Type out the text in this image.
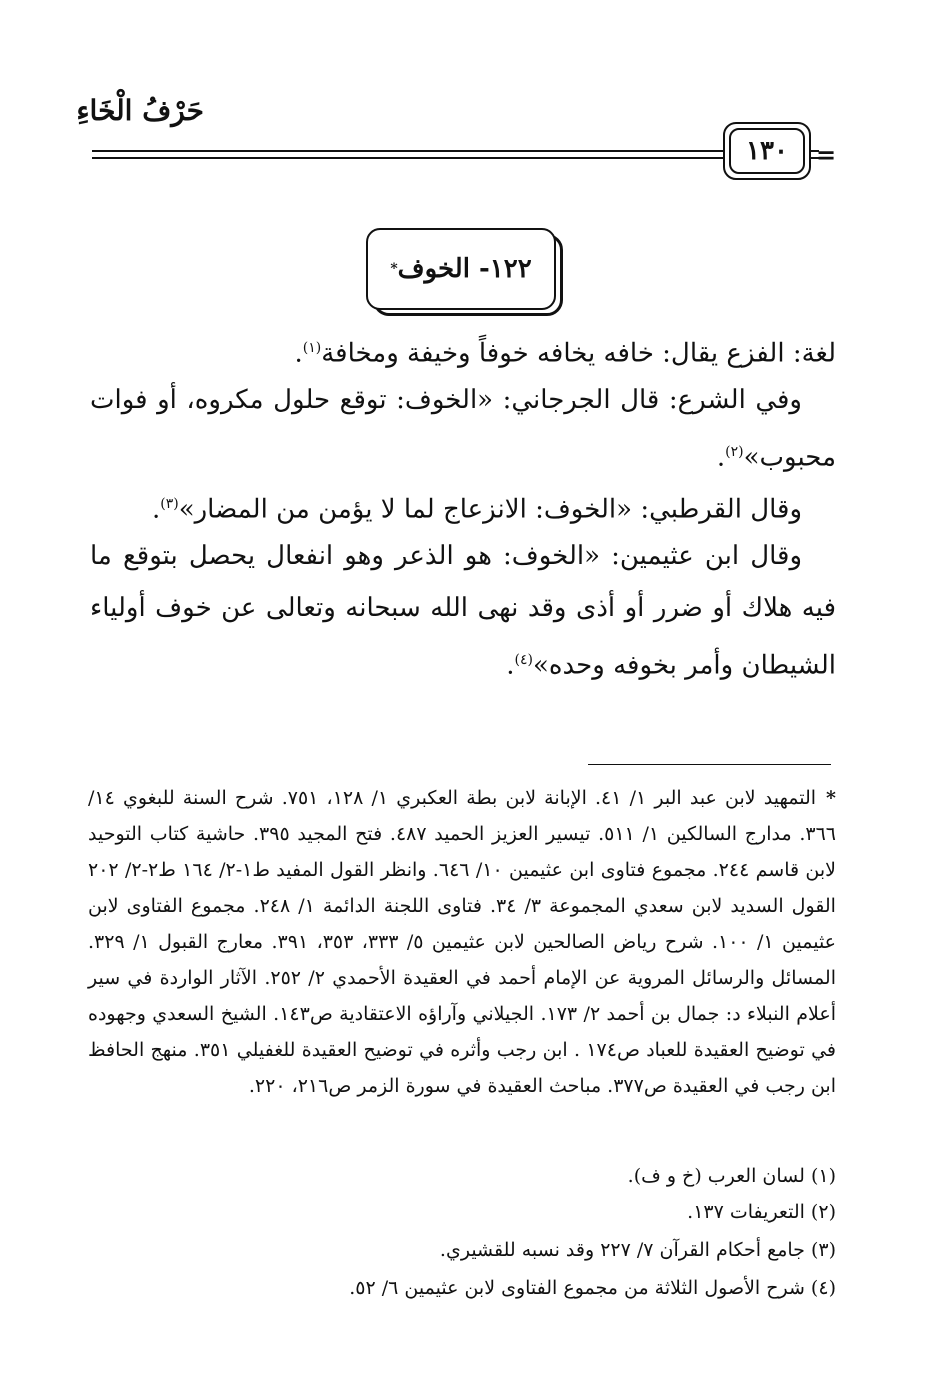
حَرْفُ الْخَاءِ
١٣٠	=
١٢٢- الخوف
*
لغة: الفزع يقال: خافه يخافه خوفاً وخيفة ومخافة$^{(١)}$.
وفي الشرع: قال الجرجاني: «الخوف: توقع حلول مكروه، أو فوات محبوب»$^{(٢)}$.
وقال القرطبي: «الخوف: الانزعاج لما لا يؤمن من المضار»$^{(٣)}$.
وقال ابن عثيمين: «الخوف: هو الذعر وهو انفعال يحصل بتوقع ما فيه هلاك أو ضرر أو أذى وقد نهى الله سبحانه وتعالى عن خوف أولياء الشيطان وأمر بخوفه وحده»$^{(٤)}$.
*التمهيد لابن عبد البر ١/ ٤١. الإبانة لابن بطة العكبري ١/ ١٢٨، ٧٥١. شرح السنة للبغوي ١٤/ ٣٦٦. مدارج السالكين ١/ ٥١١. تيسير العزيز الحميد ٤٨٧. فتح المجيد ٣٩٥. حاشية كتاب التوحيد لابن قاسم ٢٤٤. مجموع فتاوى ابن عثيمين ١٠/ ٦٤٦. وانظر القول المفيد ط١-٢/ ١٦٤ ط٢-٢/ ٢٠٢ القول السديد لابن سعدي المجموعة ٣/ ٣٤. فتاوى اللجنة الدائمة ١/ ٢٤٨. مجموع الفتاوى لابن عثيمين ١/ ١٠٠. شرح رياض الصالحين لابن عثيمين ٥/ ٣٣٣، ٣٥٣، ٣٩١. معارج القبول ١/ ٣٢٩. المسائل والرسائل المروية عن الإمام أحمد في العقيدة الأحمدي ٢/ ٢٥٢. الآثار الواردة في سير أعلام النبلاء د: جمال بن أحمد ٢/ ١٧٣. الجيلاني وآراؤه الاعتقادية ص١٤٣. الشيخ السعدي وجهوده في توضيح العقيدة للعباد ص١٧٤ . ابن رجب وأثره في توضيح العقيدة للغفيلي ٣٥١. منهج الحافظ ابن رجب في العقيدة ص٣٧٧. مباحث العقيدة في سورة الزمر ص٢١٦، ٢٢٠.
(١) لسان العرب (خ و ف).
(٢) التعريفات ١٣٧.
(٣) جامع أحكام القرآن ٧/ ٢٢٧ وقد نسبه للقشيري.
(٤) شرح الأصول الثلاثة من مجموع الفتاوى لابن عثيمين ٦/ ٥٢.
